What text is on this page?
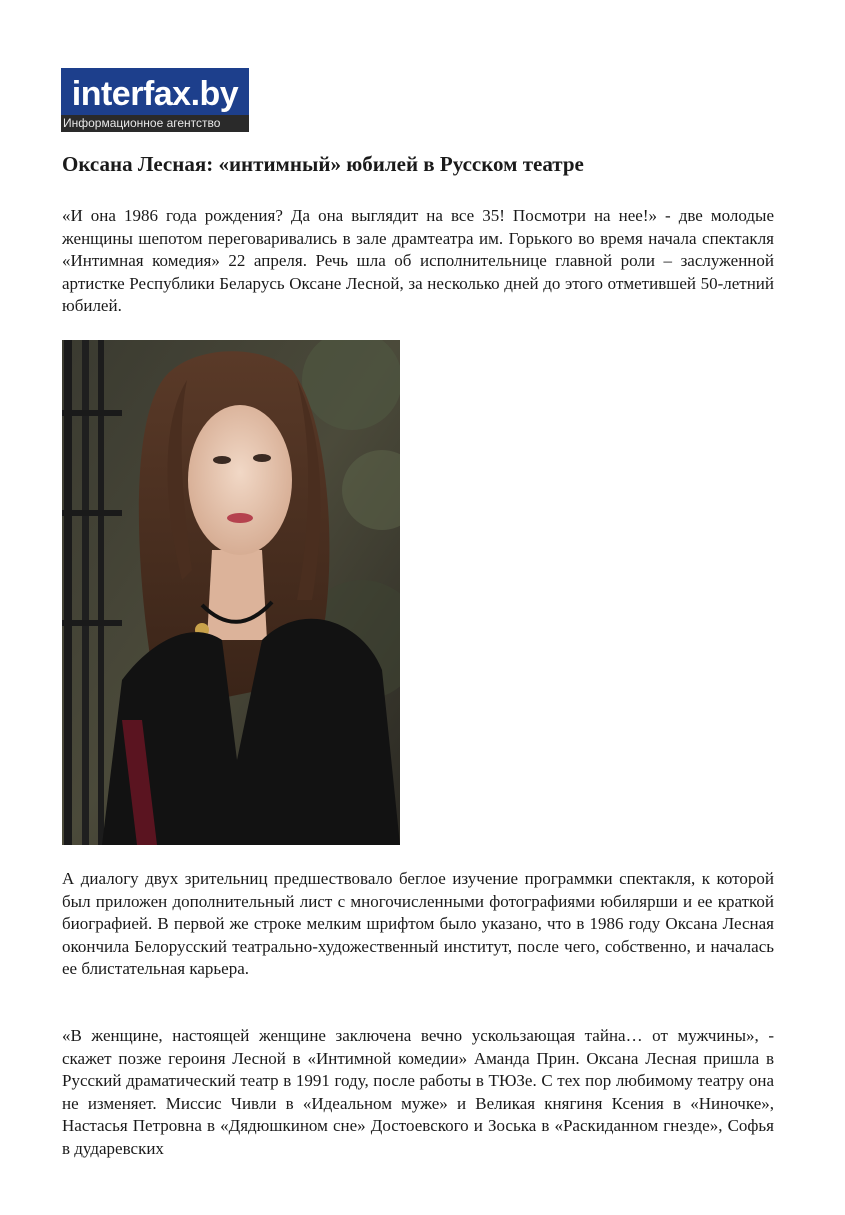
interfax.by
Информационное агентство
Оксана Лесная: «интимный» юбилей в Русском театре

«И она 1986 года рождения? Да она выглядит на все 35! Посмотри на нее!» - две молодые женщины шепотом переговаривались в зале драмтеатра им. Горького во время начала спектакля «Интимная комедия» 22 апреля. Речь шла об исполнительнице главной роли – заслуженной артистке Республики Беларусь Оксане Лесной, за несколько дней до этого отметившей 50-летний юбилей.

А диалогу двух зрительниц предшествовало беглое изучение программки спектакля, к которой был приложен дополнительный лист с многочисленными фотографиями юбилярши и ее краткой биографией. В первой же строке мелким шрифтом было указано, что в 1986 году Оксана Лесная окончила Белорусский театрально-художественный институт, после чего, собственно, и началась ее блистательная карьера.

«В женщине, настоящей женщине заключена вечно ускользающая тайна… от мужчины», - скажет позже героиня Лесной в «Интимной комедии» Аманда Прин. Оксана Лесная пришла в Русский драматический театр в 1991 году, после работы в ТЮЗе. С тех пор любимому театру она не изменяет. Миссис Чивли в «Идеальном муже» и Великая княгиня Ксения в «Ниночке», Настасья Петровна в «Дядюшкином сне» Достоевского и Зоська в «Раскиданном гнезде», Софья в дударевских
